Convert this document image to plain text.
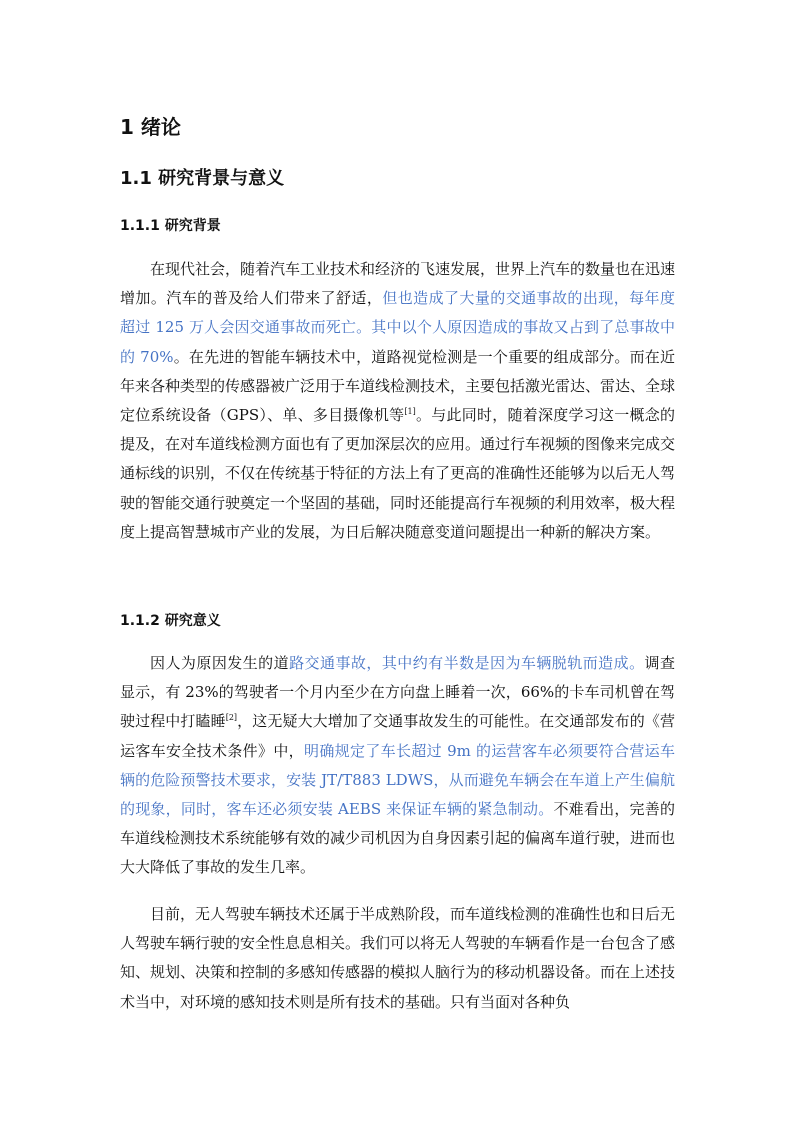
1 绪论
1.1 研究背景与意义
1.1.1 研究背景

在现代社会，随着汽车工业技术和经济的飞速发展，世界上汽车的数量也在迅速增加。汽车的普及给人们带来了舒适，但也造成了大量的交通事故的出现，每年度超过 125 万人会因交通事故而死亡。其中以个人原因造成的事故又占到了总事故中的 70%。在先进的智能车辆技术中，道路视觉检测是一个重要的组成部分。而在近年来各种类型的传感器被广泛用于车道线检测技术，主要包括激光雷达、雷达、全球定位系统设备（GPS）、单、多目摄像机等[1]。与此同时，随着深度学习这一概念的提及，在对车道线检测方面也有了更加深层次的应用。通过行车视频的图像来完成交通标线的识别，不仅在传统基于特征的方法上有了更高的准确性还能够为以后无人驾驶的智能交通行驶奠定一个坚固的基础，同时还能提高行车视频的利用效率，极大程度上提高智慧城市产业的发展，为日后解决随意变道问题提出一种新的解决方案。

1.1.2 研究意义

因人为原因发生的道路交通事故，其中约有半数是因为车辆脱轨而造成。调查显示，有 23%的驾驶者一个月内至少在方向盘上睡着一次，66%的卡车司机曾在驾驶过程中打瞌睡[2]，这无疑大大增加了交通事故发生的可能性。在交通部发布的《营运客车安全技术条件》中，明确规定了车长超过 9m 的运营客车必须要符合营运车辆的危险预警技术要求，安装 JT/T883 LDWS，从而避免车辆会在车道上产生偏航的现象，同时，客车还必须安装 AEBS 来保证车辆的紧急制动。不难看出，完善的车道线检测技术系统能够有效的减少司机因为自身因素引起的偏离车道行驶，进而也大大降低了事故的发生几率。

目前，无人驾驶车辆技术还属于半成熟阶段，而车道线检测的准确性也和日后无人驾驶车辆行驶的安全性息息相关。我们可以将无人驾驶的车辆看作是一台包含了感知、规划、决策和控制的多感知传感器的模拟人脑行为的移动机器设备。而在上述技术当中，对环境的感知技术则是所有技术的基础。只有当面对各种负
